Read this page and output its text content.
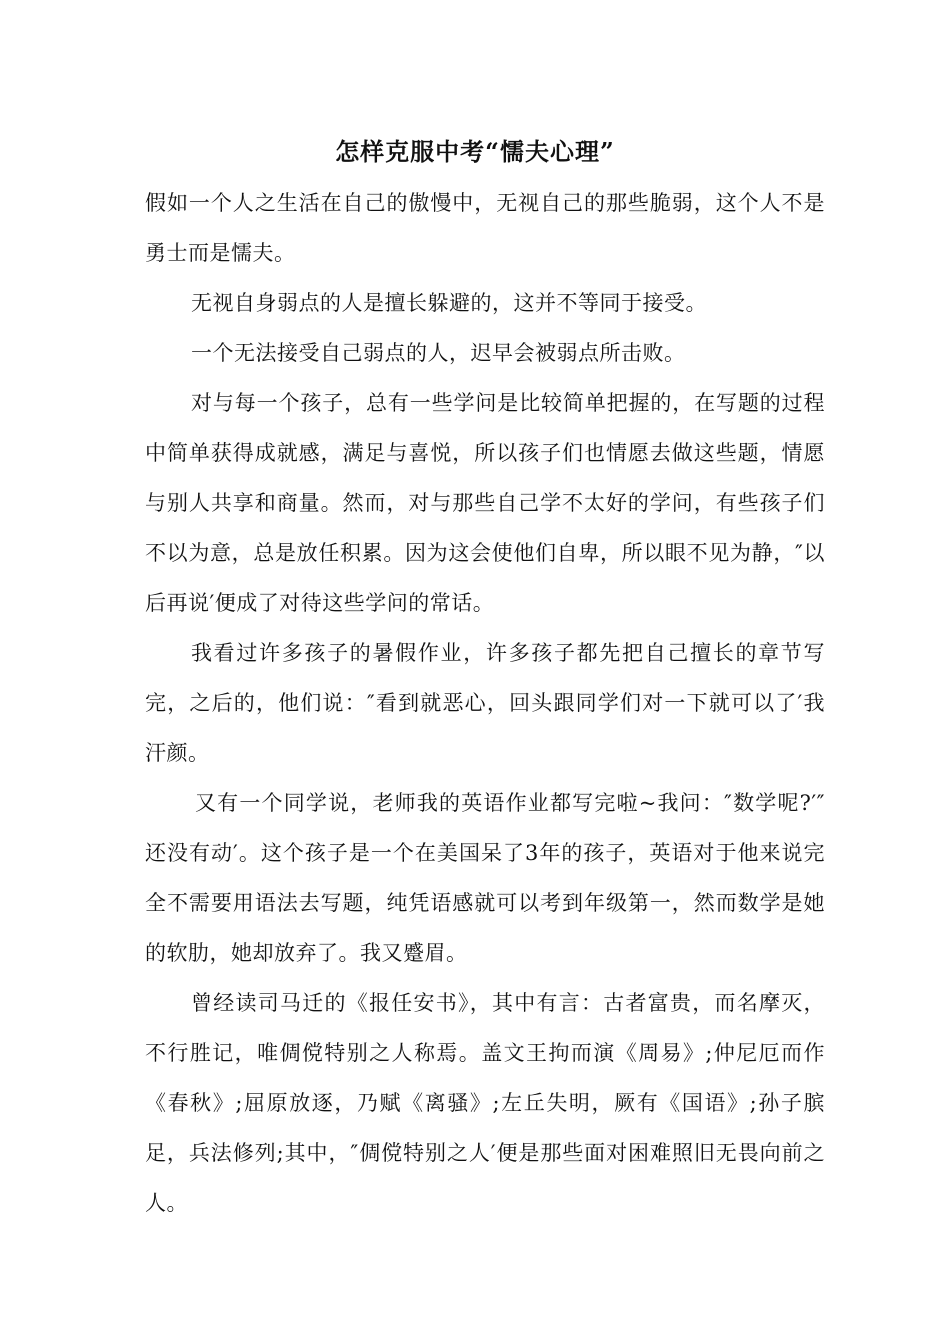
怎样克服中考“懦夫心理”

假如一个人之生活在自己的傲慢中，无视自己的那些脆弱，这个人不是勇士而是懦夫。

无视自身弱点的人是擅长躲避的，这并不等同于接受。

一个无法接受自己弱点的人，迟早会被弱点所击败。

对与每一个孩子，总有一些学问是比较简单把握的，在写题的过程中简单获得成就感，满足与喜悦，所以孩子们也情愿去做这些题，情愿与别人共享和商量。然而，对与那些自己学不太好的学问，有些孩子们不以为意，总是放任积累。因为这会使他们自卑，所以眼不见为静，″以后再说′便成了对待这些学问的常话。

我看过许多孩子的暑假作业，许多孩子都先把自己擅长的章节写完，之后的，他们说：″看到就恶心，回头跟同学们对一下就可以了′我汗颜。

又有一个同学说，老师我的英语作业都写完啦~我问：″数学呢?′″还没有动′。这个孩子是一个在美国呆了3年的孩子，英语对于他来说完全不需要用语法去写题，纯凭语感就可以考到年级第一，然而数学是她的软肋，她却放弃了。我又蹙眉。

曾经读司马迁的《报任安书》，其中有言：古者富贵，而名摩灭，不行胜记，唯倜傥特别之人称焉。盖文王拘而演《周易》;仲尼厄而作《春秋》;屈原放逐，乃赋《离骚》;左丘失明，厥有《国语》;孙子膑足，兵法修列;其中，″倜傥特别之人′便是那些面对困难照旧无畏向前之人。
